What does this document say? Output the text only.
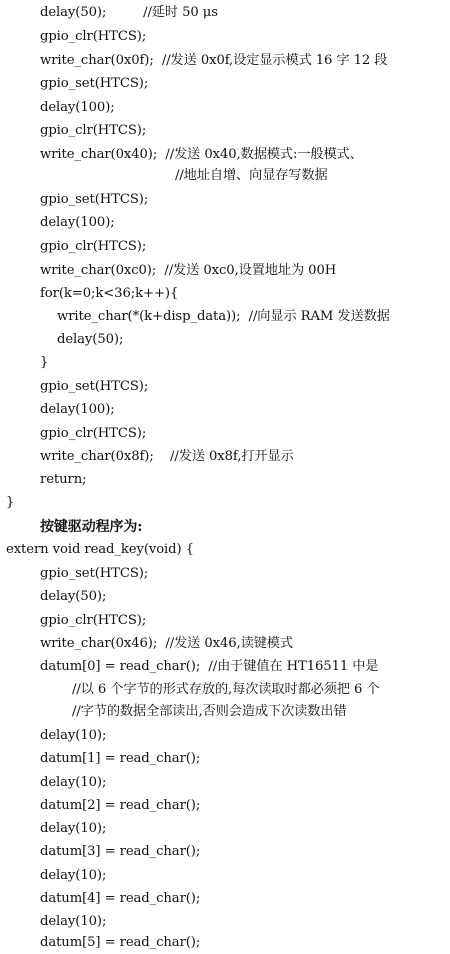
delay(50);         //延时 50 μs
gpio_clr(HTCS);
write_char(0x0f);  //发送 0x0f,设定显示模式 16 字 12 段
gpio_set(HTCS);
delay(100);
gpio_clr(HTCS);
write_char(0x40);  //发送 0x40,数据模式:一般模式、
//地址自增、向显存写数据
gpio_set(HTCS);
delay(100);
gpio_clr(HTCS);
write_char(0xc0);  //发送 0xc0,设置地址为 00H
for(k=0;k<36;k++){
write_char(*(k+disp_data));  //向显示 RAM 发送数据
delay(50);
}
gpio_set(HTCS);
delay(100);
gpio_clr(HTCS);
write_char(0x8f);    //发送 0x8f,打开显示
return;
}
按键驱动程序为:
extern void read_key(void) {
gpio_set(HTCS);
delay(50);
gpio_clr(HTCS);
write_char(0x46);  //发送 0x46,读键模式
datum[0] = read_char();  //由于键值在 HT16511 中是
//以 6 个字节的形式存放的,每次读取时都必须把 6 个
//字节的数据全部读出,否则会造成下次读数出错
delay(10);
datum[1] = read_char();
delay(10);
datum[2] = read_char();
delay(10);
datum[3] = read_char();
delay(10);
datum[4] = read_char();
delay(10);
datum[5] = read_char();
